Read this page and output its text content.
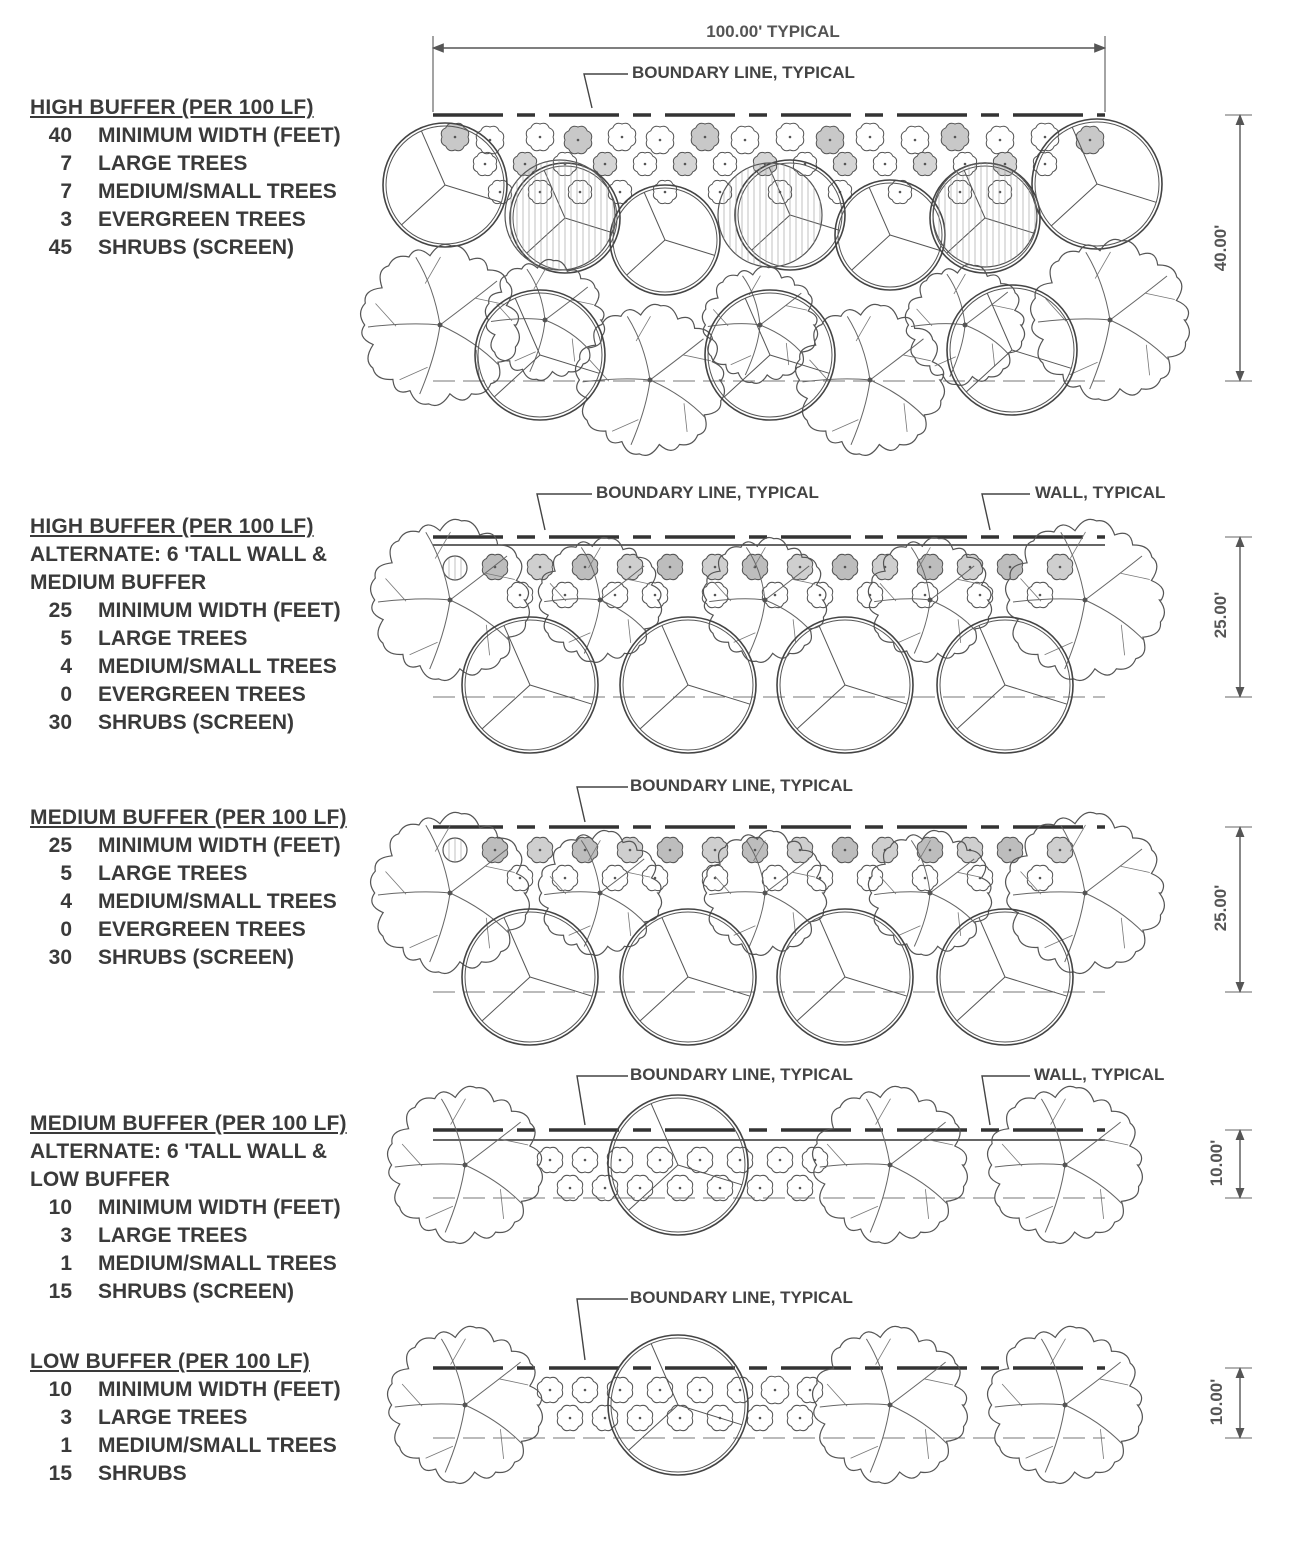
HIGH BUFFER (PER 100 LF)
40	MINIMUM WIDTH (FEET)
7	LARGE TREES
7	MEDIUM/SMALL TREES
3	EVERGREEN TREES
45	SHRUBS (SCREEN)
HIGH BUFFER (PER 100 LF)
ALTERNATE: 6 'TALL WALL &
MEDIUM BUFFER
25	MINIMUM WIDTH (FEET)
5	LARGE TREES
4	MEDIUM/SMALL TREES
0	EVERGREEN TREES
30	SHRUBS (SCREEN)
MEDIUM BUFFER (PER 100 LF)
25	MINIMUM WIDTH (FEET)
5	LARGE TREES
4	MEDIUM/SMALL TREES
0	EVERGREEN TREES
30	SHRUBS (SCREEN)
MEDIUM BUFFER (PER 100 LF)
ALTERNATE: 6 'TALL WALL &
LOW BUFFER
10	MINIMUM WIDTH (FEET)
3	LARGE TREES
1	MEDIUM/SMALL TREES
15	SHRUBS (SCREEN)
LOW BUFFER (PER 100 LF)
10	MINIMUM WIDTH (FEET)
3	LARGE TREES
1	MEDIUM/SMALL TREES
15	SHRUBS
100.00' TYPICAL
BOUNDARY LINE, TYPICAL
BOUNDARY LINE, TYPICAL	WALL, TYPICAL
BOUNDARY LINE, TYPICAL
BOUNDARY LINE, TYPICAL	WALL, TYPICAL
BOUNDARY LINE, TYPICAL
40.00'
25.00'
25.00'
10.00'
10.00'
